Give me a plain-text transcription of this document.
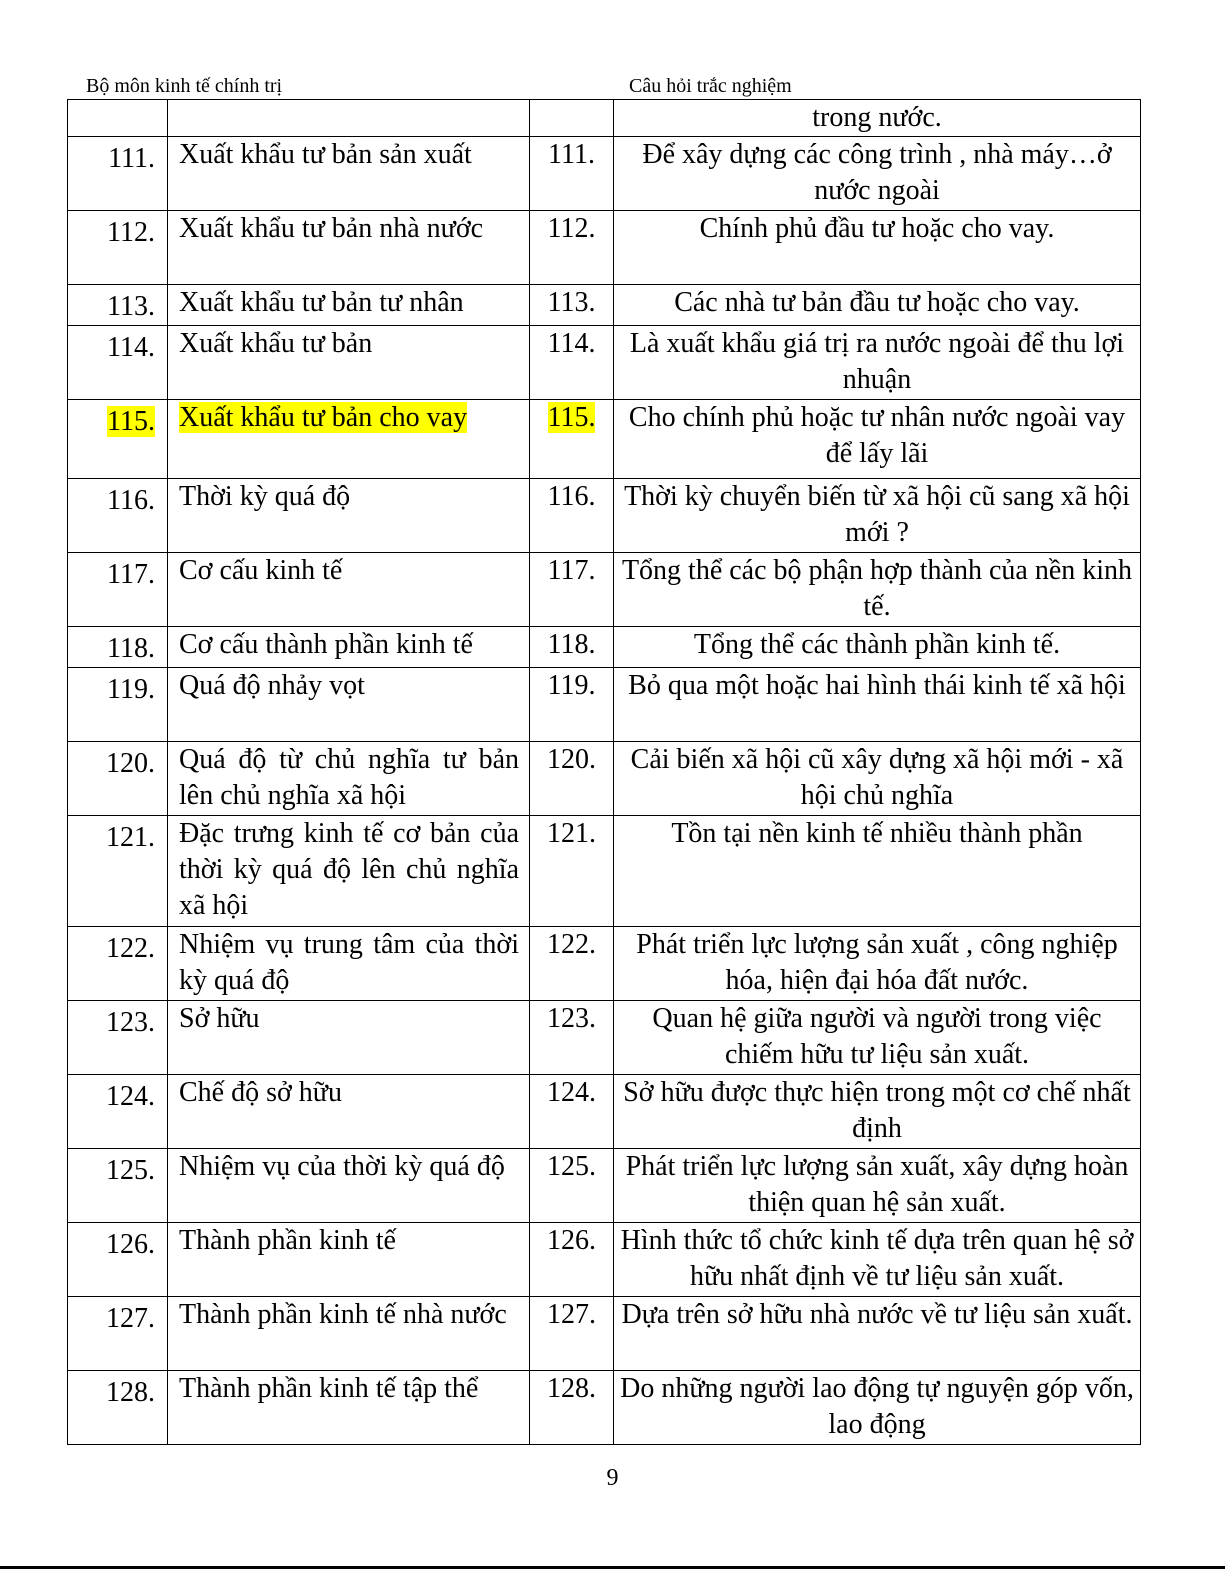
Bộ môn kinh tế chính trị	Câu hỏi trắc nghiệm
			trong nước.
111.	Xuất khẩu tư bản sản xuất	111.	Để xây dựng các công trình , nhà máy…ở nước ngoài
112.	Xuất khẩu tư bản nhà nước	112.	Chính phủ đầu tư hoặc cho vay.
113.	Xuất khẩu tư bản tư nhân	113.	Các nhà tư bản đầu tư hoặc cho vay.
114.	Xuất khẩu tư bản	114.	Là xuất khẩu giá trị ra nước ngoài để thu lợi nhuận
115.	Xuất khẩu tư bản cho vay	115.	Cho chính phủ hoặc tư nhân nước ngoài vay để lấy lãi
116.	Thời kỳ quá độ	116.	Thời kỳ chuyển biến từ xã hội cũ sang xã hội mới ?
117.	Cơ cấu kinh tế	117.	Tổng thể các bộ phận hợp thành của nền kinh tế.
118.	Cơ cấu thành phần kinh tế	118.	Tổng thể các thành phần kinh tế.
119.	Quá độ nhảy vọt	119.	Bỏ qua một hoặc hai hình thái kinh tế xã hội
120.	Quá độ từ chủ nghĩa tư bản lên chủ nghĩa xã hội	120.	Cải biến xã hội cũ xây dựng xã hội mới - xã hội chủ nghĩa
121.	Đặc trưng kinh tế cơ bản của thời kỳ quá độ lên chủ nghĩa xã hội	121.	Tồn tại nền kinh tế nhiều thành phần
122.	Nhiệm vụ trung tâm của thời kỳ quá độ	122.	Phát triển lực lượng sản xuất , công nghiệp hóa, hiện đại hóa đất nước.
123.	Sở hữu	123.	Quan hệ giữa người và người trong việc chiếm hữu tư liệu sản xuất.
124.	Chế độ sở hữu	124.	Sở hữu được thực hiện trong một cơ chế nhất định
125.	Nhiệm vụ của thời kỳ quá độ	125.	Phát triển lực lượng sản xuất, xây dựng hoàn thiện quan hệ sản xuất.
126.	Thành phần kinh tế	126.	Hình thức tổ chức kinh tế dựa trên quan hệ sở hữu nhất định về tư liệu sản xuất.
127.	Thành phần kinh tế nhà nước	127.	Dựa trên sở hữu nhà nước về tư liệu sản xuất.
128.	Thành phần kinh tế tập thể	128.	Do những người lao động tự nguyện góp vốn, lao động
9
